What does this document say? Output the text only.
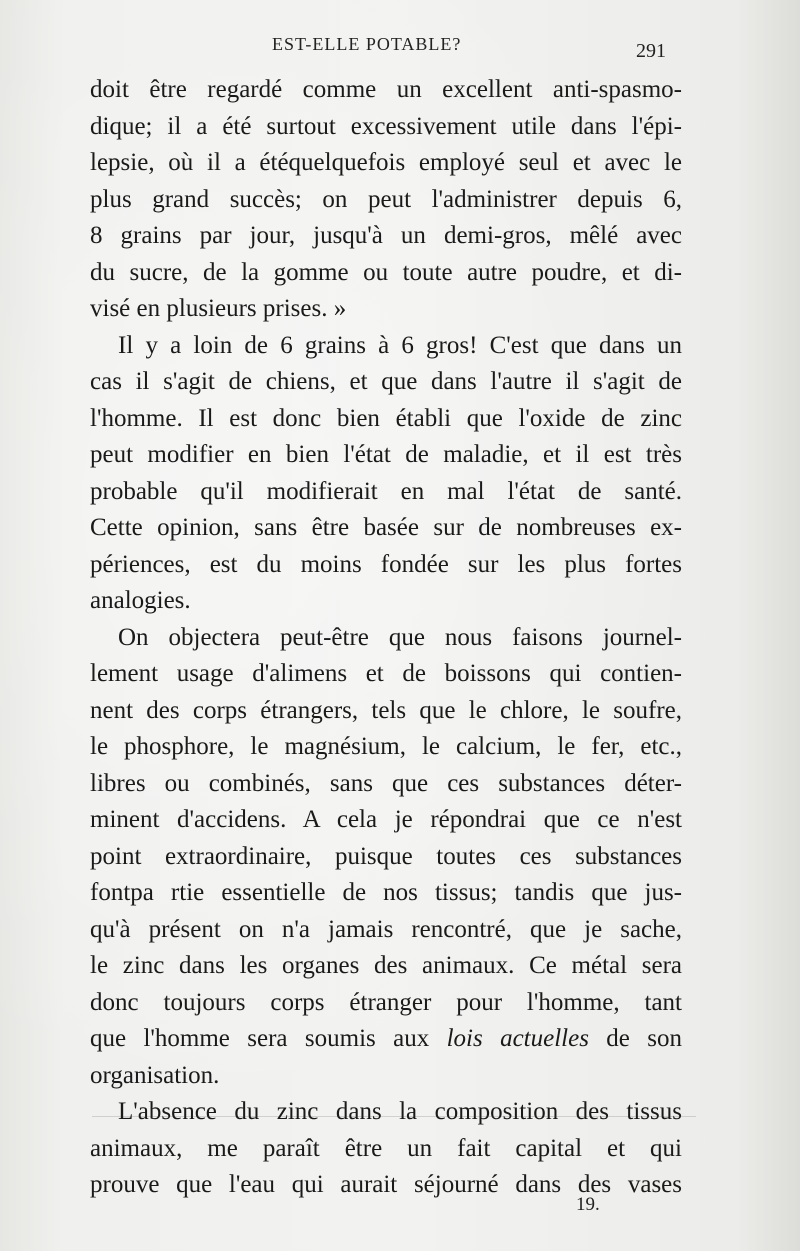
EST-ELLE POTABLE?	291
doit être regardé comme un excellent anti-spasmo-
dique; il a été surtout excessivement utile dans l'épi-
lepsie, où il a étéquelquefois employé seul et avec le
plus grand succès; on peut l'administrer depuis 6,
8 grains par jour, jusqu'à un demi-gros, mêlé avec
du sucre, de la gomme ou toute autre poudre, et di-
visé en plusieurs prises. »
Il y a loin de 6 grains à 6 gros! C'est que dans un
cas il s'agit de chiens, et que dans l'autre il s'agit de
l'homme. Il est donc bien établi que l'oxide de zinc
peut modifier en bien l'état de maladie, et il est très
probable qu'il modifierait en mal l'état de santé.
Cette opinion, sans être basée sur de nombreuses ex-
périences, est du moins fondée sur les plus fortes
analogies.
On objectera peut-être que nous faisons journel-
lement usage d'alimens et de boissons qui contien-
nent des corps étrangers, tels que le chlore, le soufre,
le phosphore, le magnésium, le calcium, le fer, etc.,
libres ou combinés, sans que ces substances déter-
minent d'accidens. A cela je répondrai que ce n'est
point extraordinaire, puisque toutes ces substances
fontpa rtie essentielle de nos tissus; tandis que jus-
qu'à présent on n'a jamais rencontré, que je sache,
le zinc dans les organes des animaux. Ce métal sera
donc toujours corps étranger pour l'homme, tant
que l'homme sera soumis aux lois actuelles de son
organisation.
L'absence du zinc dans la composition des tissus
animaux, me paraît être un fait capital et qui
prouve que l'eau qui aurait séjourné dans des vases
19.
